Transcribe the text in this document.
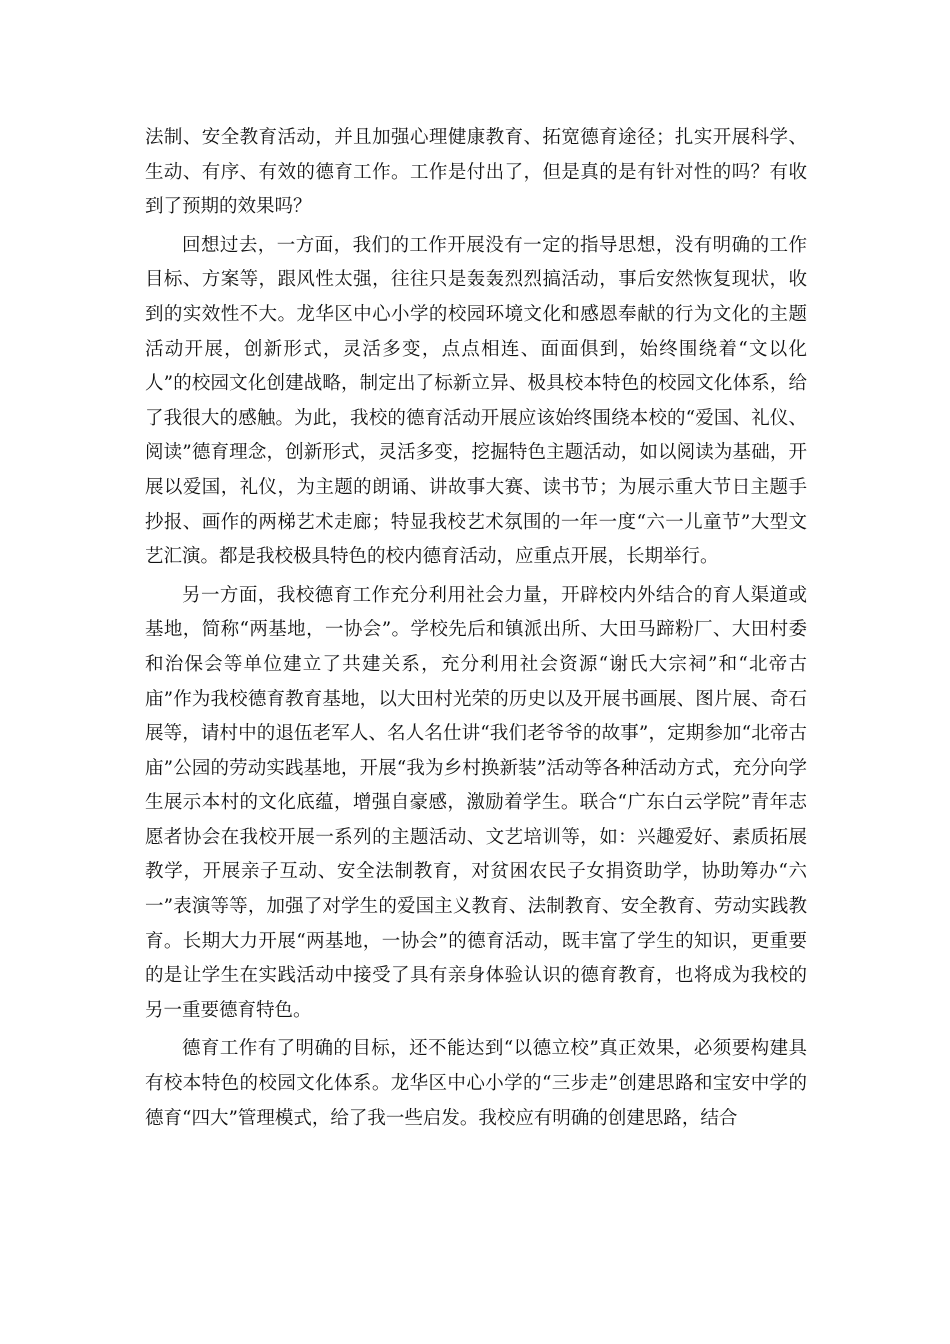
法制、安全教育活动，并且加强心理健康教育、拓宽德育途径；扎实开展科学、生动、有序、有效的德育工作。工作是付出了，但是真的是有针对性的吗？有收到了预期的效果吗？

回想过去，一方面，我们的工作开展没有一定的指导思想，没有明确的工作目标、方案等，跟风性太强，往往只是轰轰烈烈搞活动，事后安然恢复现状，收到的实效性不大。龙华区中心小学的校园环境文化和感恩奉献的行为文化的主题活动开展，创新形式，灵活多变，点点相连、面面俱到，始终围绕着“文以化人”的校园文化创建战略，制定出了标新立异、极具校本特色的校园文化体系，给了我很大的感触。为此，我校的德育活动开展应该始终围绕本校的“爱国、礼仪、阅读”德育理念，创新形式，灵活多变，挖掘特色主题活动，如以阅读为基础，开展以爱国，礼仪，为主题的朗诵、讲故事大赛、读书节；为展示重大节日主题手抄报、画作的两梯艺术走廊；特显我校艺术氛围的一年一度“六一儿童节”大型文艺汇演。都是我校极具特色的校内德育活动，应重点开展，长期举行。

另一方面，我校德育工作充分利用社会力量，开辟校内外结合的育人渠道或基地，简称“两基地，一协会”。学校先后和镇派出所、大田马蹄粉厂、大田村委和治保会等单位建立了共建关系，充分利用社会资源“谢氏大宗祠”和“北帝古庙”作为我校德育教育基地，以大田村光荣的历史以及开展书画展、图片展、奇石展等，请村中的退伍老军人、名人名仕讲“我们老爷爷的故事”，定期参加“北帝古庙”公园的劳动实践基地，开展“我为乡村换新装”活动等各种活动方式，充分向学生展示本村的文化底蕴，增强自豪感，激励着学生。联合“广东白云学院”青年志愿者协会在我校开展一系列的主题活动、文艺培训等，如：兴趣爱好、素质拓展教学，开展亲子互动、安全法制教育，对贫困农民子女捐资助学，协助筹办“六一”表演等等，加强了对学生的爱国主义教育、法制教育、安全教育、劳动实践教育。长期大力开展“两基地，一协会”的德育活动，既丰富了学生的知识，更重要的是让学生在实践活动中接受了具有亲身体验认识的德育教育，也将成为我校的另一重要德育特色。

德育工作有了明确的目标，还不能达到“以德立校”真正效果，必须要构建具有校本特色的校园文化体系。龙华区中心小学的“三步走”创建思路和宝安中学的德育“四大”管理模式，给了我一些启发。我校应有明确的创建思路，结合
